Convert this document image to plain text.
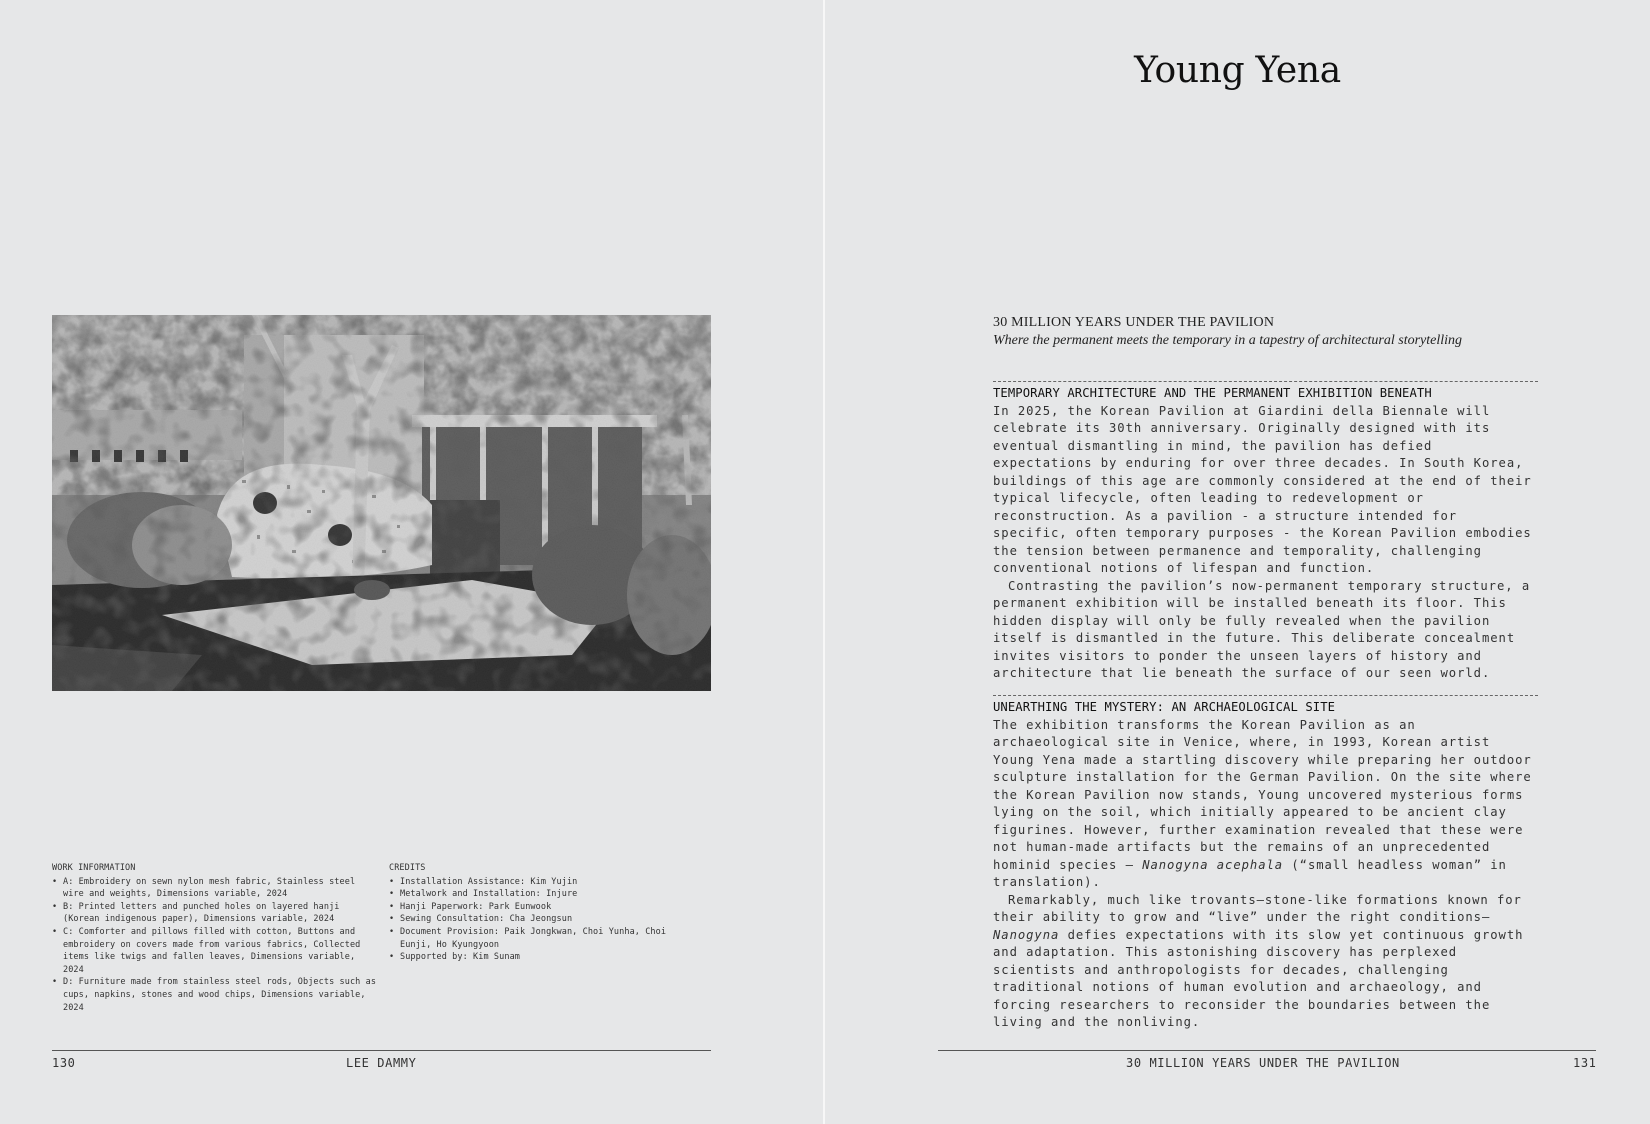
WORK INFORMATION
• A: Embroidery on sewn nylon mesh fabric, Stainless steel wire and weights, Dimensions variable, 2024
• B: Printed letters and punched holes on layered hanji (Korean indigenous paper), Dimensions variable, 2024
• C: Comforter and pillows filled with cotton, Buttons and embroidery on covers made from various fabrics, Collected items like twigs and fallen leaves, Dimensions variable, 2024
• D: Furniture made from stainless steel rods, Objects such as cups, napkins, stones and wood chips, Dimensions variable, 2024
CREDITS
• Installation Assistance: Kim Yujin
• Metalwork and Installation: Injure
• Hanji Paperwork: Park Eunwook
• Sewing Consultation: Cha Jeongsun
• Document Provision: Paik Jongkwan, Choi Yunha, Choi Eunji, Ho Kyungyoon
• Supported by: Kim Sunam
130	LEE DAMMY
Young Yena
30 MILLION YEARS UNDER THE PAVILION
Where the permanent meets the temporary in a tapestry of architectural storytelling
TEMPORARY ARCHITECTURE AND THE PERMANENT EXHIBITION BENEATH

In 2025, the Korean Pavilion at Giardini della Biennale will celebrate its 30th anniversary. Originally designed with its eventual dismantling in mind, the pavilion has defied expectations by enduring for over three decades. In South Korea, buildings of this age are commonly considered at the end of their typical lifecycle, often leading to redevelopment or reconstruction. As a pavilion - a structure intended for specific, often temporary purposes - the Korean Pavilion embodies the tension between permanence and temporality, challenging conventional notions of lifespan and function.

Contrasting the pavilion’s now-permanent temporary structure, a permanent exhibition will be installed beneath its floor. This hidden display will only be fully revealed when the pavilion itself is dismantled in the future. This deliberate concealment invites visitors to ponder the unseen layers of history and architecture that lie beneath the surface of our seen world.

UNEARTHING THE MYSTERY: AN ARCHAEOLOGICAL SITE

The exhibition transforms the Korean Pavilion as an archaeological site in Venice, where, in 1993, Korean artist Young Yena made a startling discovery while preparing her outdoor sculpture installation for the German Pavilion. On the site where the Korean Pavilion now stands, Young uncovered mysterious forms lying on the soil, which initially appeared to be ancient clay figurines. However, further examination revealed that these were not human-made artifacts but the remains of an unprecedented hominid species — Nanogyna acephala (“small headless woman” in translation).

Remarkably, much like trovants—stone-like formations known for their ability to grow and “live” under the right conditions—Nanogyna defies expectations with its slow yet continuous growth and adaptation. This astonishing discovery has perplexed scientists and anthropologists for decades, challenging traditional notions of human evolution and archaeology, and forcing researchers to reconsider the boundaries between the living and the nonliving.

30 MILLION YEARS UNDER THE PAVILION	131
